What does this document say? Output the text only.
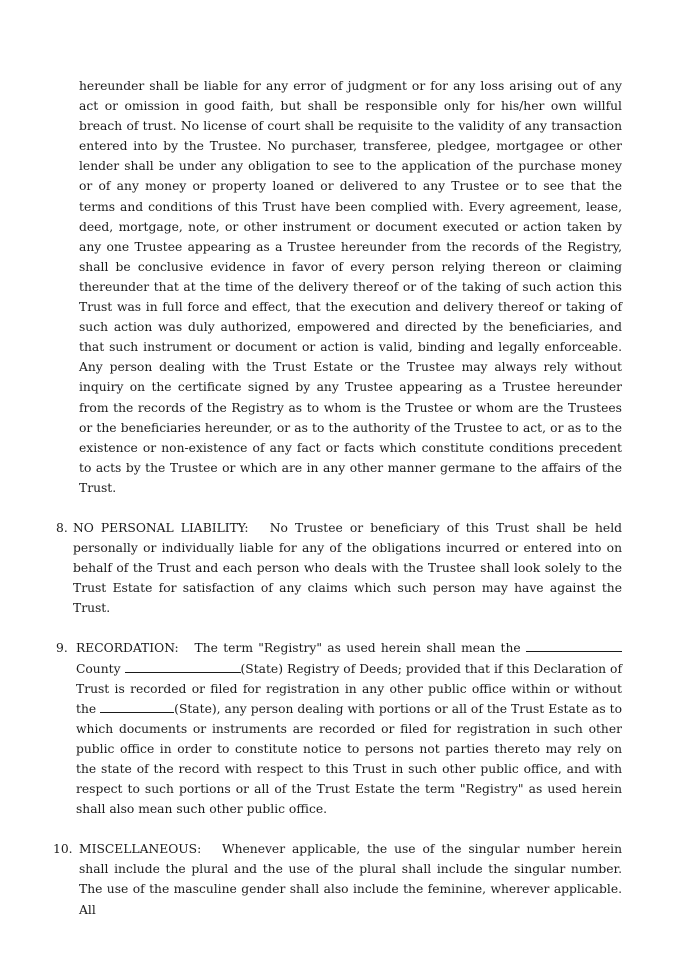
hereunder shall be liable for any error of judgment or for any loss arising out of any act or omission in good faith, but shall be responsible only for his/her own willful breach of trust. No license of court shall be requisite to the validity of any transaction entered into by the Trustee. No purchaser, transferee, pledgee, mortgagee or other lender shall be under any obligation to see to the application of the purchase money or of any money or property loaned or delivered to any Trustee or to see that the terms and conditions of this Trust have been complied with. Every agreement, lease, deed, mortgage, note, or other instrument or document executed or action taken by any one Trustee appearing as a Trustee hereunder from the records of the Registry, shall be conclusive evidence in favor of every person relying thereon or claiming thereunder that at the time of the delivery thereof or of the taking of such action this Trust was in full force and effect, that the execution and delivery thereof or taking of such action was duly authorized, empowered and directed by the beneficiaries, and that such instrument or document or action is valid, binding and legally enforceable. Any person dealing with the Trust Estate or the Trustee may always rely without inquiry on the certificate signed by any Trustee appearing as a Trustee hereunder from the records of the Registry as to whom is the Trustee or whom are the Trustees or the beneficiaries hereunder, or as to the authority of the Trustee to act, or as to the existence or non-existence of any fact or facts which constitute conditions precedent to acts by the Trustee or which are in any other manner germane to the affairs of the Trust.

8. NO PERSONAL LIABILITY: No Trustee or beneficiary of this Trust shall be held personally or individually liable for any of the obligations incurred or entered into on behalf of the Trust and each person who deals with the Trustee shall look solely to the Trust Estate for satisfaction of any claims which such person may have against the Trust.

9. RECORDATION: The term "Registry" as used herein shall mean the  County	(State) Registry of Deeds; provided that if this Declaration of Trust is recorded or filed for registration in any other public office within or without the	(State), any person dealing with portions or all of the Trust Estate as to which documents or instruments are recorded or filed for registration in such other public office in order to constitute notice to persons not parties thereto may rely on the state of the record with respect to this Trust in such other public office, and with respect to such portions or all of the Trust Estate the term "Registry" as used herein shall also mean such other public office.

10. MISCELLANEOUS: Whenever applicable, the use of the singular number herein shall include the plural and the use of the plural shall include the singular number. The use of the masculine gender shall also include the feminine, wherever applicable. All
